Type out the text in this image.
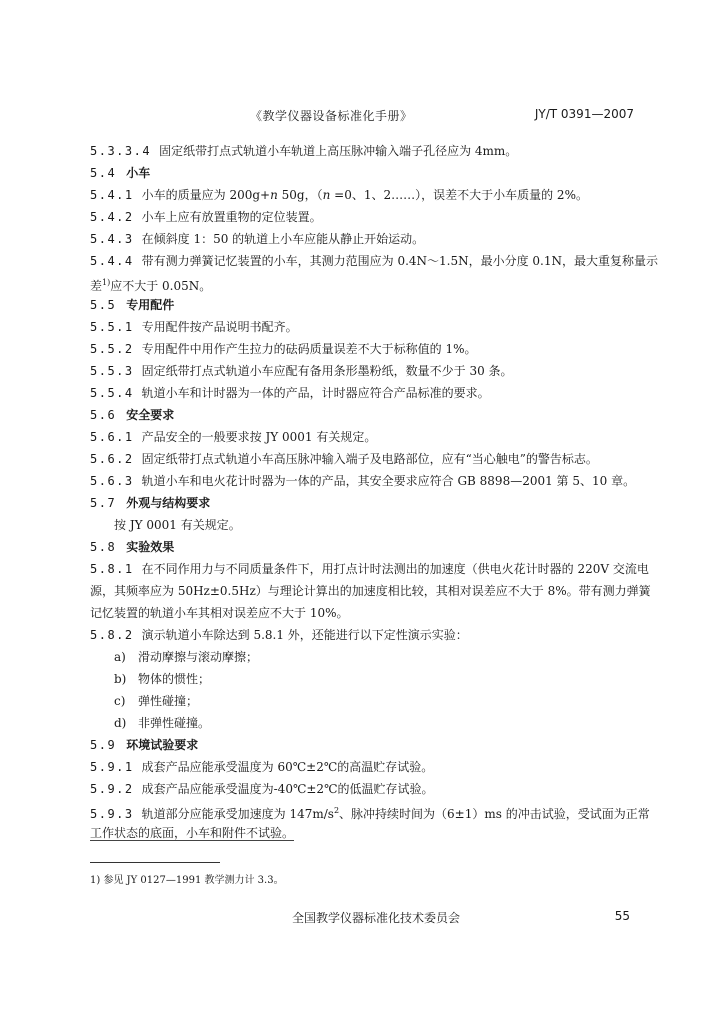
《教学仪器设备标准化手册》	JY/T 0391—2007
5.3.3.4 固定纸带打点式轨道小车轨道上高压脉冲输入端子孔径应为 4mm。
5.4 小车
5.4.1 小车的质量应为 200g+n 50g，（n =0、1、2……），误差不大于小车质量的 2%。
5.4.2 小车上应有放置重物的定位装置。
5.4.3 在倾斜度 1：50 的轨道上小车应能从静止开始运动。
5.4.4 带有测力弹簧记忆装置的小车，其测力范围应为 0.4N～1.5N，最小分度 0.1N，最大重复称量示
差$^{1)}$应不大于 0.05N。
5.5 专用配件
5.5.1 专用配件按产品说明书配齐。
5.5.2 专用配件中用作产生拉力的砝码质量误差不大于标称值的 1%。
5.5.3 固定纸带打点式轨道小车应配有备用条形墨粉纸，数量不少于 30 条。
5.5.4 轨道小车和计时器为一体的产品，计时器应符合产品标准的要求。
5.6 安全要求
5.6.1 产品安全的一般要求按 JY 0001 有关规定。
5.6.2 固定纸带打点式轨道小车高压脉冲输入端子及电路部位，应有“当心触电”的警告标志。
5.6.3 轨道小车和电火花计时器为一体的产品，其安全要求应符合 GB 8898—2001 第 5、10 章。
5.7 外观与结构要求
按 JY 0001 有关规定。
5.8 实验效果
5.8.1 在不同作用力与不同质量条件下，用打点计时法测出的加速度（供电火花计时器的 220V 交流电
源，其频率应为 50Hz±0.5Hz）与理论计算出的加速度相比较，其相对误差应不大于 8%。带有测力弹簧
记忆装置的轨道小车其相对误差应不大于 10%。
5.8.2 演示轨道小车除达到 5.8.1 外，还能进行以下定性演示实验：
a) 滑动摩擦与滚动摩擦；
b) 物体的惯性；
c) 弹性碰撞；
d) 非弹性碰撞。
5.9 环境试验要求
5.9.1 成套产品应能承受温度为 60℃±2℃的高温贮存试验。
5.9.2 成套产品应能承受温度为-40℃±2℃的低温贮存试验。
5.9.3 轨道部分应能承受加速度为 $147m/s^2$、脉冲持续时间为（6±1）ms 的冲击试验，受试面为正常
工作状态的底面，小车和附件不试验。
1) 参见 JY 0127—1991 教学测力计 3.3。
全国教学仪器标准化技术委员会	55
